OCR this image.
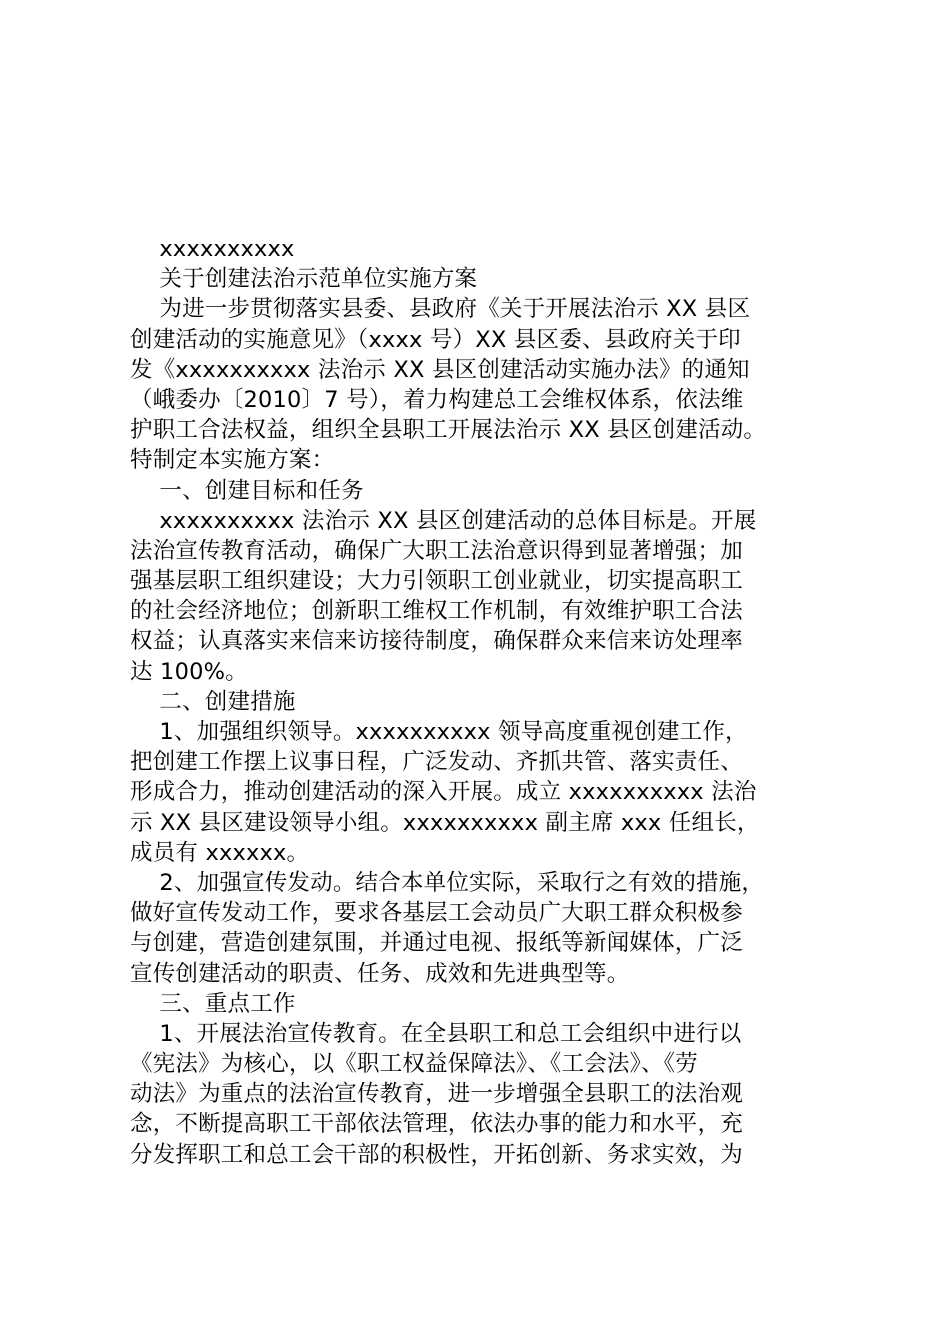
xxxxxxxxxx
关于创建法治示范单位实施方案
为进一步贯彻落实县委、县政府《关于开展法治示 XX 县区
创建活动的实施意见》（xxxx 号）XX 县区委、县政府关于印
发《xxxxxxxxxx 法治示 XX 县区创建活动实施办法》的通知
（峨委办〔2010〕7 号），着力构建总工会维权体系，依法维
护职工合法权益，组织全县职工开展法治示 XX 县区创建活动。
特制定本实施方案：
一、创建目标和任务
xxxxxxxxxx 法治示 XX 县区创建活动的总体目标是。开展
法治宣传教育活动，确保广大职工法治意识得到显著增强；加
强基层职工组织建设；大力引领职工创业就业，切实提高职工
的社会经济地位；创新职工维权工作机制，有效维护职工合法
权益；认真落实来信来访接待制度，确保群众来信来访处理率
达 100%。
二、创建措施
1、加强组织领导。xxxxxxxxxx 领导高度重视创建工作，
把创建工作摆上议事日程，广泛发动、齐抓共管、落实责任、
形成合力，推动创建活动的深入开展。成立 xxxxxxxxxx 法治
示 XX 县区建设领导小组。xxxxxxxxxx 副主席 xxx 任组长，
成员有 xxxxxx。
2、加强宣传发动。结合本单位实际，采取行之有效的措施，
做好宣传发动工作，要求各基层工会动员广大职工群众积极参
与创建，营造创建氛围，并通过电视、报纸等新闻媒体，广泛
宣传创建活动的职责、任务、成效和先进典型等。
三、重点工作
1、开展法治宣传教育。在全县职工和总工会组织中进行以
《宪法》为核心，以《职工权益保障法》、《工会法》、《劳
动法》为重点的法治宣传教育，进一步增强全县职工的法治观
念，不断提高职工干部依法管理，依法办事的能力和水平，充
分发挥职工和总工会干部的积极性，开拓创新、务求实效，为
